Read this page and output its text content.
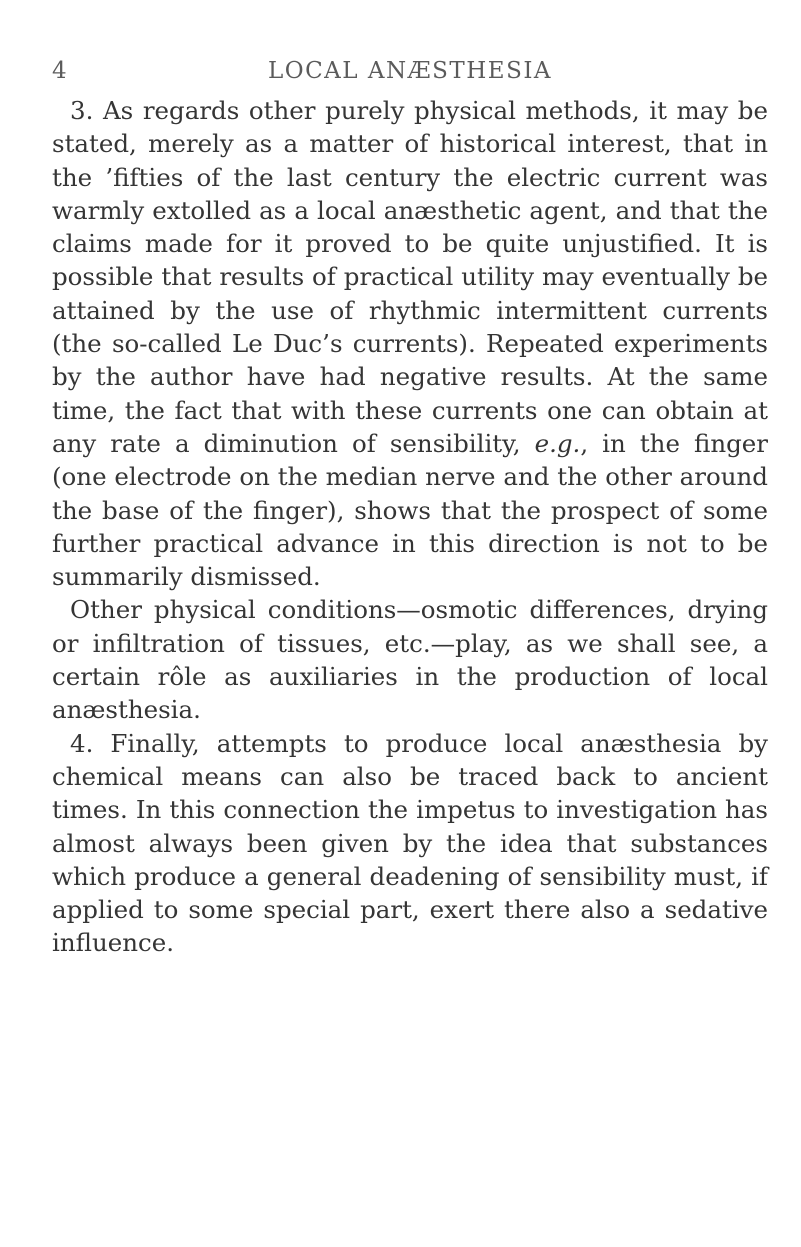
4	LOCAL ANÆSTHESIA

3. As regards other purely physical methods, it may be stated, merely as a matter of historical interest, that in the ’fifties of the last century the electric current was warmly extolled as a local anæsthetic agent, and that the claims made for it proved to be quite unjustified. It is possible that results of practical utility may eventually be attained by the use of rhythmic intermittent currents (the so-called Le Duc’s currents). Repeated experiments by the author have had negative results. At the same time, the fact that with these currents one can obtain at any rate a diminution of sensibility, e.g., in the finger (one electrode on the median nerve and the other around the base of the finger), shows that the prospect of some further practical advance in this direction is not to be summarily dismissed.

Other physical conditions—osmotic differences, drying or infiltration of tissues, etc.—play, as we shall see, a certain rôle as auxiliaries in the production of local anæsthesia.

4. Finally, attempts to produce local anæsthesia by chemical means can also be traced back to ancient times. In this connection the impetus to investigation has almost always been given by the idea that substances which produce a general deadening of sensibility must, if applied to some special part, exert there also a sedative influence.
